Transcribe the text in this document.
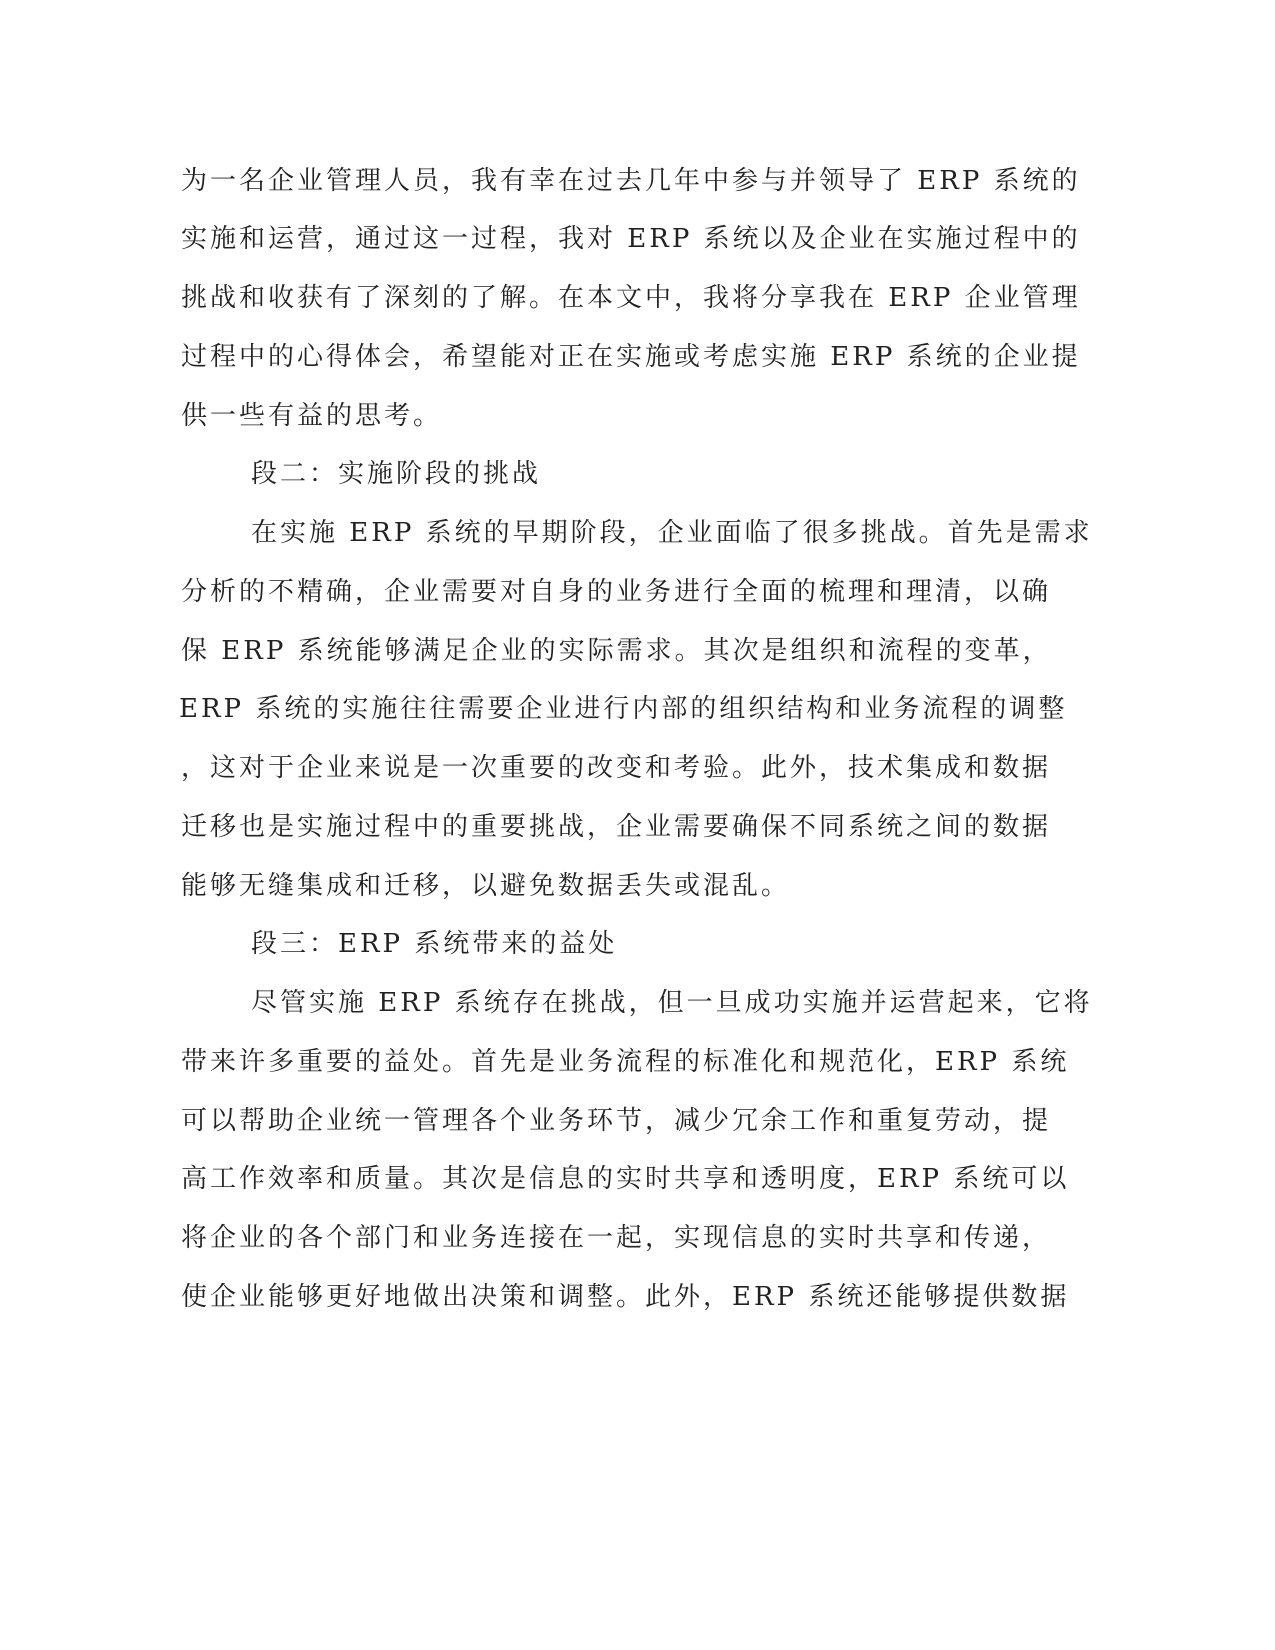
为一名企业管理人员，我有幸在过去几年中参与并领导了 ERP 系统的

实施和运营，通过这一过程，我对 ERP 系统以及企业在实施过程中的

挑战和收获有了深刻的了解。在本文中，我将分享我在 ERP 企业管理

过程中的心得体会，希望能对正在实施或考虑实施 ERP 系统的企业提

供一些有益的思考。

段二：实施阶段的挑战

在实施 ERP 系统的早期阶段，企业面临了很多挑战。首先是需求

分析的不精确，企业需要对自身的业务进行全面的梳理和理清，以确

保 ERP 系统能够满足企业的实际需求。其次是组织和流程的变革，

ERP 系统的实施往往需要企业进行内部的组织结构和业务流程的调整

，这对于企业来说是一次重要的改变和考验。此外，技术集成和数据

迁移也是实施过程中的重要挑战，企业需要确保不同系统之间的数据

能够无缝集成和迁移，以避免数据丢失或混乱。

段三：ERP 系统带来的益处

尽管实施 ERP 系统存在挑战，但一旦成功实施并运营起来，它将

带来许多重要的益处。首先是业务流程的标准化和规范化，ERP 系统

可以帮助企业统一管理各个业务环节，减少冗余工作和重复劳动，提

高工作效率和质量。其次是信息的实时共享和透明度，ERP 系统可以

将企业的各个部门和业务连接在一起，实现信息的实时共享和传递，

使企业能够更好地做出决策和调整。此外，ERP 系统还能够提供数据
